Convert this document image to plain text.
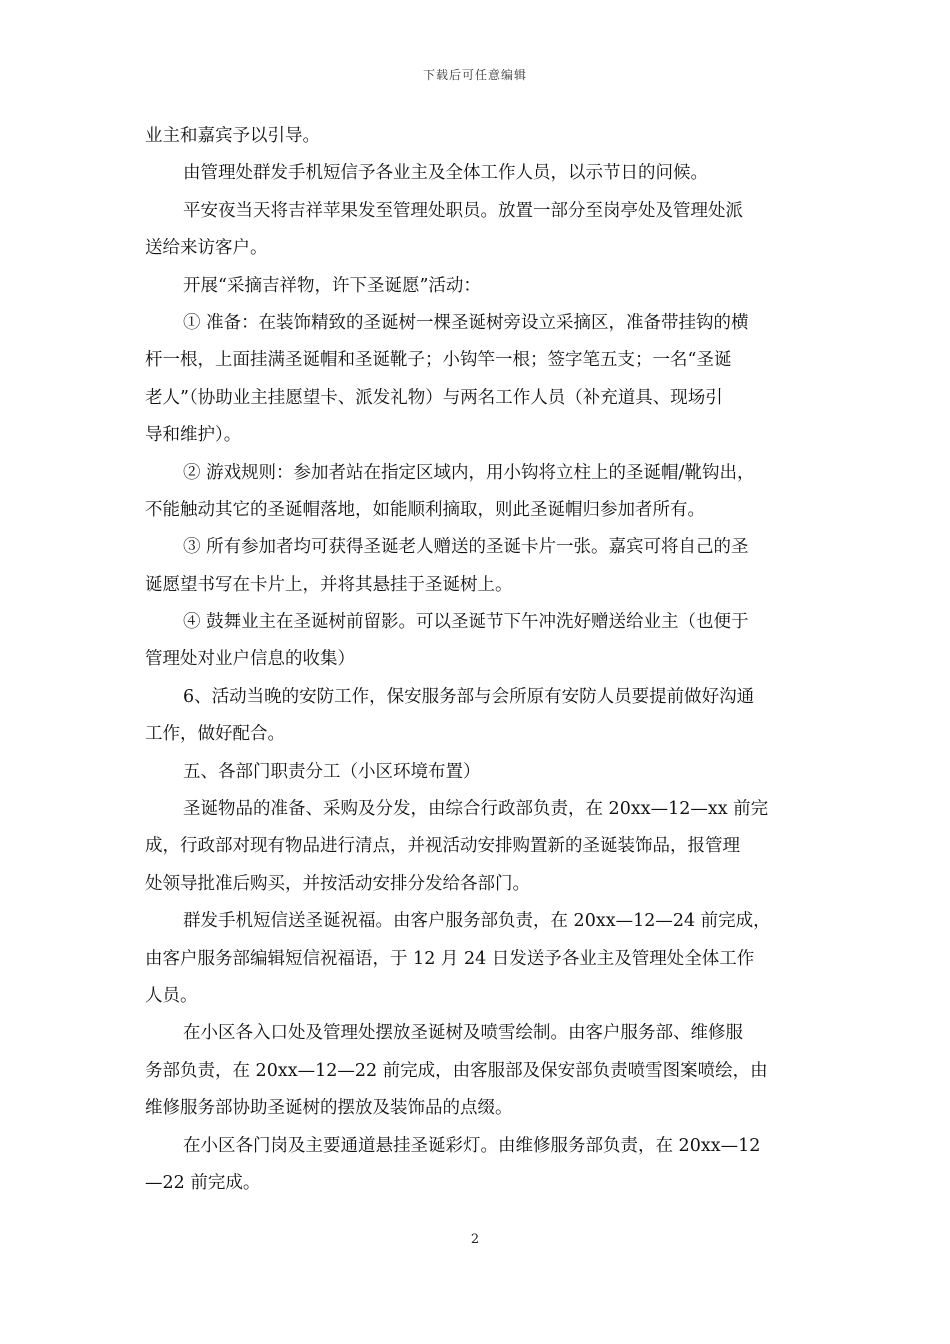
下载后可任意编辑
业主和嘉宾予以引导。
由管理处群发手机短信予各业主及全体工作人员，以示节日的问候。
平安夜当天将吉祥苹果发至管理处职员。放置一部分至岗亭处及管理处派
送给来访客户。
开展“采摘吉祥物，许下圣诞愿”活动：
① 准备：在装饰精致的圣诞树一棵圣诞树旁设立采摘区，准备带挂钩的横
杆一根，上面挂满圣诞帽和圣诞靴子；小钩竿一根；签字笔五支；一名“圣诞
老人”（协助业主挂愿望卡、派发礼物）与两名工作人员（补充道具、现场引
导和维护）。
② 游戏规则：参加者站在指定区域内，用小钩将立柱上的圣诞帽/靴钩出，
不能触动其它的圣诞帽落地，如能顺利摘取，则此圣诞帽归参加者所有。
③ 所有参加者均可获得圣诞老人赠送的圣诞卡片一张。嘉宾可将自己的圣
诞愿望书写在卡片上，并将其悬挂于圣诞树上。
④ 鼓舞业主在圣诞树前留影。可以圣诞节下午冲洗好赠送给业主（也便于
管理处对业户信息的收集）
6、活动当晚的安防工作，保安服务部与会所原有安防人员要提前做好沟通
工作，做好配合。
五、各部门职责分工（小区环境布置）
圣诞物品的准备、采购及分发，由综合行政部负责，在 20xx—12—xx 前完
成，行政部对现有物品进行清点，并视活动安排购置新的圣诞装饰品，报管理
处领导批准后购买，并按活动安排分发给各部门。
群发手机短信送圣诞祝福。由客户服务部负责，在 20xx—12—24 前完成，
由客户服务部编辑短信祝福语，于 12 月 24 日发送予各业主及管理处全体工作
人员。
在小区各入口处及管理处摆放圣诞树及喷雪绘制。由客户服务部、维修服
务部负责，在 20xx—12—22 前完成，由客服部及保安部负责喷雪图案喷绘，由
维修服务部协助圣诞树的摆放及装饰品的点缀。
在小区各门岗及主要通道悬挂圣诞彩灯。由维修服务部负责，在 20xx—12
—22 前完成。
2
